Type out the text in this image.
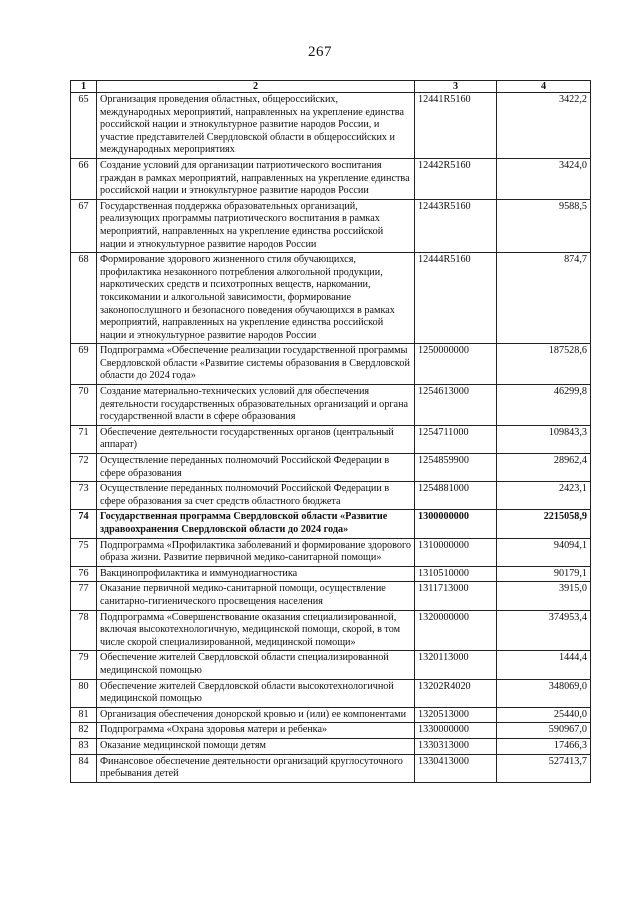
267
1	2	3	4
65	Организация проведения областных, общероссийских, международных мероприятий, направленных на укрепление единства российской нации и этнокультурное развитие народов России, и участие представителей Свердловской области в общероссийских и международных мероприятиях	12441R5160	3422,2
66	Создание условий для организации патриотического воспитания граждан в рамках мероприятий, направленных на укрепление единства российской нации и этнокультурное развитие народов России	12442R5160	3424,0
67	Государственная поддержка образовательных организаций, реализующих программы патриотического воспитания в рамках мероприятий, направленных на укрепление единства российской нации и этнокультурное развитие народов России	12443R5160	9588,5
68	Формирование здорового жизненного стиля обучающихся, профилактика незаконного потребления алкогольной продукции, наркотических средств и психотропных веществ, наркомании, токсикомании и алкогольной зависимости, формирование законопослушного и безопасного поведения обучающихся в рамках мероприятий, направленных на укрепление единства российской нации и этнокультурное развитие народов России	12444R5160	874,7
69	Подпрограмма «Обеспечение реализации государственной программы Свердловской области «Развитие системы образования в Свердловской области до 2024 года»	1250000000	187528,6
70	Создание материально-технических условий для обеспечения деятельности государственных образовательных организаций и органа государственной власти в сфере образования	1254613000	46299,8
71	Обеспечение деятельности государственных органов (центральный аппарат)	1254711000	109843,3
72	Осуществление переданных полномочий Российской Федерации в сфере образования	1254859900	28962,4
73	Осуществление переданных полномочий Российской Федерации в сфере образования за счет средств областного бюджета	1254881000	2423,1
74	Государственная программа Свердловской области «Развитие здравоохранения Свердловской области до 2024 года»	1300000000	2215058,9
75	Подпрограмма «Профилактика заболеваний и формирование здорового образа жизни. Развитие первичной медико-санитарной помощи»	1310000000	94094,1
76	Вакцинопрофилактика и иммунодиагностика	1310510000	90179,1
77	Оказание первичной медико-санитарной помощи, осуществление санитарно-гигиенического просвещения населения	1311713000	3915,0
78	Подпрограмма «Совершенствование оказания специализированной, включая высокотехнологичную, медицинской помощи, скорой, в том числе скорой специализированной, медицинской помощи»	1320000000	374953,4
79	Обеспечение жителей Свердловской области специализированной медицинской помощью	1320113000	1444,4
80	Обеспечение жителей Свердловской области высокотехнологичной медицинской помощью	13202R4020	348069,0
81	Организация обеспечения донорской кровью и (или) ее компонентами	1320513000	25440,0
82	Подпрограмма «Охрана здоровья матери и ребенка»	1330000000	590967,0
83	Оказание медицинской помощи детям	1330313000	17466,3
84	Финансовое обеспечение деятельности организаций круглосуточного пребывания детей	1330413000	527413,7
